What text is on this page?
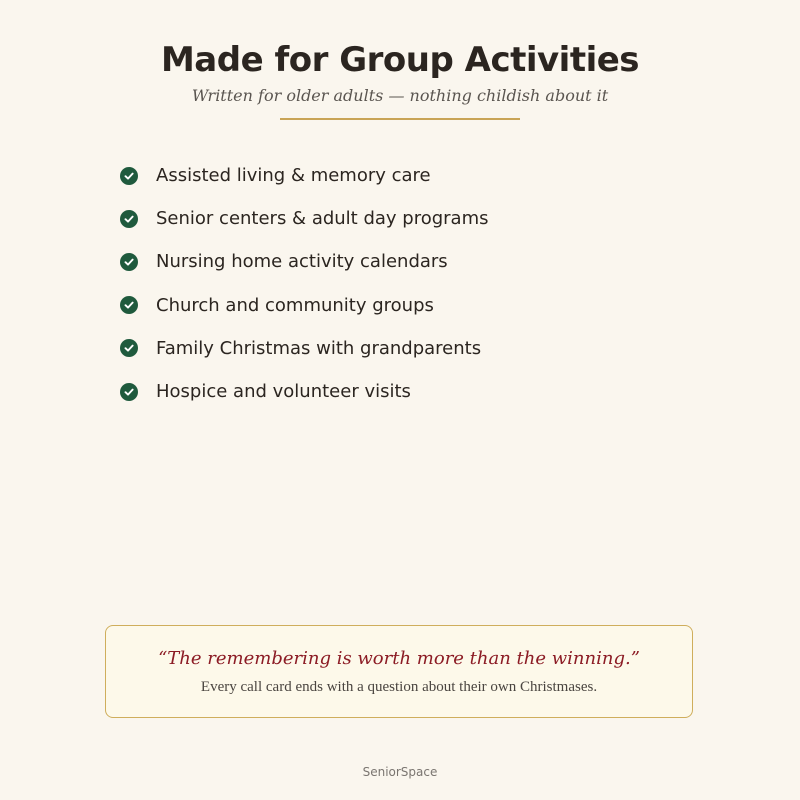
Made for Group Activities
Written for older adults — nothing childish about it
Assisted living & memory care
Senior centers & adult day programs
Nursing home activity calendars
Church and community groups
Family Christmas with grandparents
Hospice and volunteer visits
“The remembering is worth more than the winning.”
Every call card ends with a question about their own Christmases.
SeniorSpace
